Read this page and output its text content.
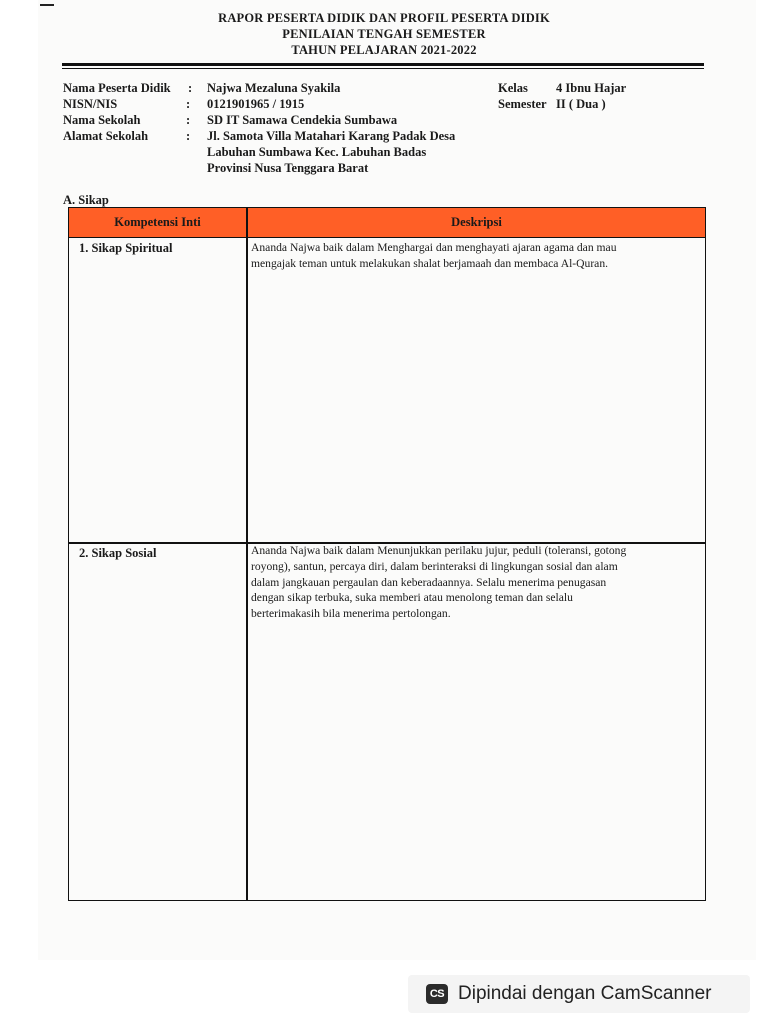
RAPOR PESERTA DIDIK DAN PROFIL PESERTA DIDIK
PENILAIAN TENGAH SEMESTER
TAHUN PELAJARAN 2021-2022
Nama Peserta Didik : Najwa Mezaluna Syakila
NISN/NIS	: 0121901965 / 1915
Nama Sekolah	: SD IT Samawa Cendekia Sumbawa
Alamat Sekolah	: Jl. Samota Villa Matahari Karang Padak Desa
Labuhan Sumbawa Kec. Labuhan Badas
Provinsi Nusa Tenggara Barat
Kelas 4 Ibnu Hajar
Semester II ( Dua )
A. Sikap
Kompetensi Inti	Deskripsi
1. Sikap Spiritual	Ananda Najwa baik dalam Menghargai dan menghayati ajaran agama dan mau
mengajak teman untuk melakukan shalat berjamaah dan membaca Al-Quran.
2. Sikap Sosial	Ananda Najwa baik dalam Menunjukkan perilaku jujur, peduli (toleransi, gotong
royong), santun, percaya diri, dalam berinteraksi di lingkungan sosial dan alam
dalam jangkauan pergaulan dan keberadaannya. Selalu menerima penugasan
dengan sikap terbuka, suka memberi atau menolong teman dan selalu
berterimakasih bila menerima pertolongan.
CS Dipindai dengan CamScanner
